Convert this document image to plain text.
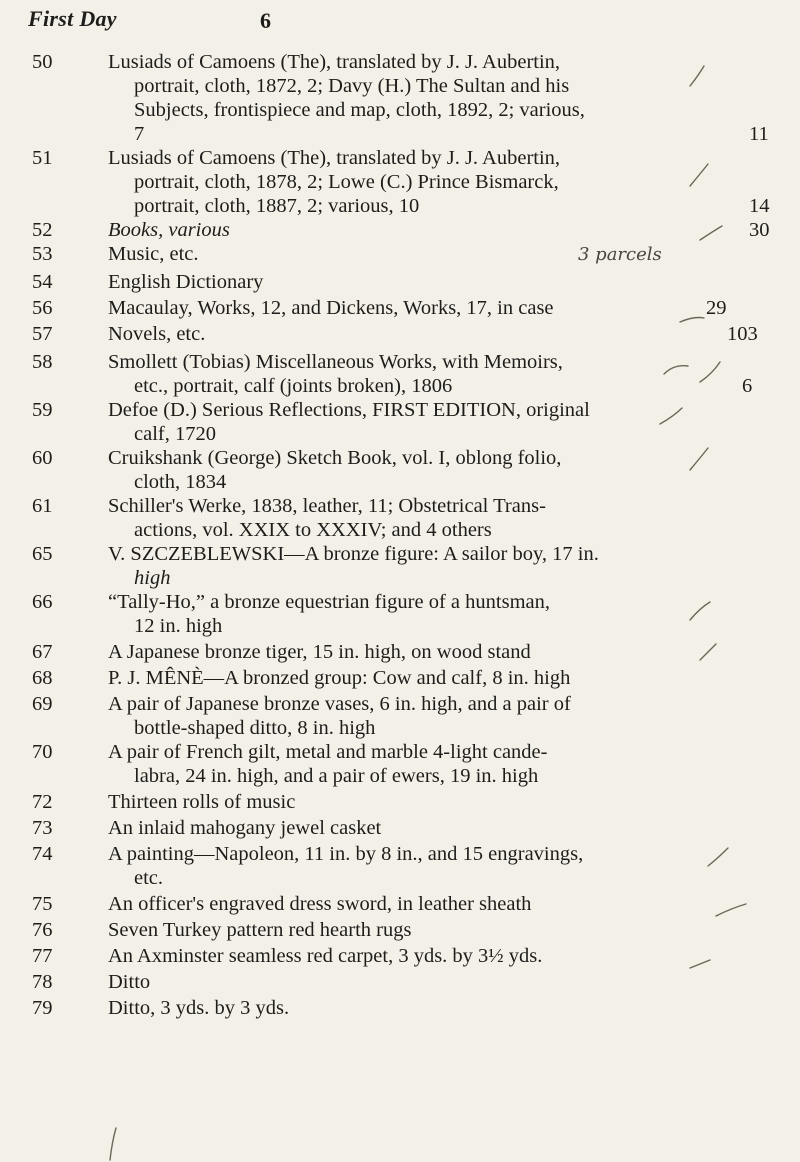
First Day	6
50	Lusiads of Camoens (The), translated by J. J. Aubertin,
portrait, cloth, 1872, 2; Davy (H.) The Sultan and his
Subjects, frontispiece and map, cloth, 1892, 2; various,
7	11
51	Lusiads of Camoens (The), translated by J. J. Aubertin,
portrait, cloth, 1878, 2; Lowe (C.) Prince Bismarck,
portrait, cloth, 1887, 2; various, 10	14
52	Books, various	30
53	Music, etc.	3 parcels
54	English Dictionary
56	Macaulay, Works, 12, and Dickens, Works, 17, in case	29
57	Novels, etc.	103
58	Smollett (Tobias) Miscellaneous Works, with Memoirs,
etc., portrait, calf (joints broken), 1806	6
59	Defoe (D.) Serious Reflections, FIRST EDITION, original
calf, 1720
60	Cruikshank (George) Sketch Book, vol. I, oblong folio,
cloth, 1834
61	Schiller's Werke, 1838, leather, 11; Obstetrical Trans-
actions, vol. XXIX to XXXIV; and 4 others
65	V. SZCZEBLEWSKI—A bronze figure: A sailor boy, 17 in.
high
66	“Tally-Ho,” a bronze equestrian figure of a huntsman,
12 in. high
67	A Japanese bronze tiger, 15 in. high, on wood stand
68	P. J. MÊNÈ—A bronzed group: Cow and calf, 8 in. high
69	A pair of Japanese bronze vases, 6 in. high, and a pair of
bottle-shaped ditto, 8 in. high
70	A pair of French gilt, metal and marble 4-light cande-
labra, 24 in. high, and a pair of ewers, 19 in. high
72	Thirteen rolls of music
73	An inlaid mahogany jewel casket
74	A painting—Napoleon, 11 in. by 8 in., and 15 engravings,
etc.
75	An officer's engraved dress sword, in leather sheath
76	Seven Turkey pattern red hearth rugs
77	An Axminster seamless red carpet, 3 yds. by 3½ yds.
78	Ditto
79	Ditto, 3 yds. by 3 yds.
